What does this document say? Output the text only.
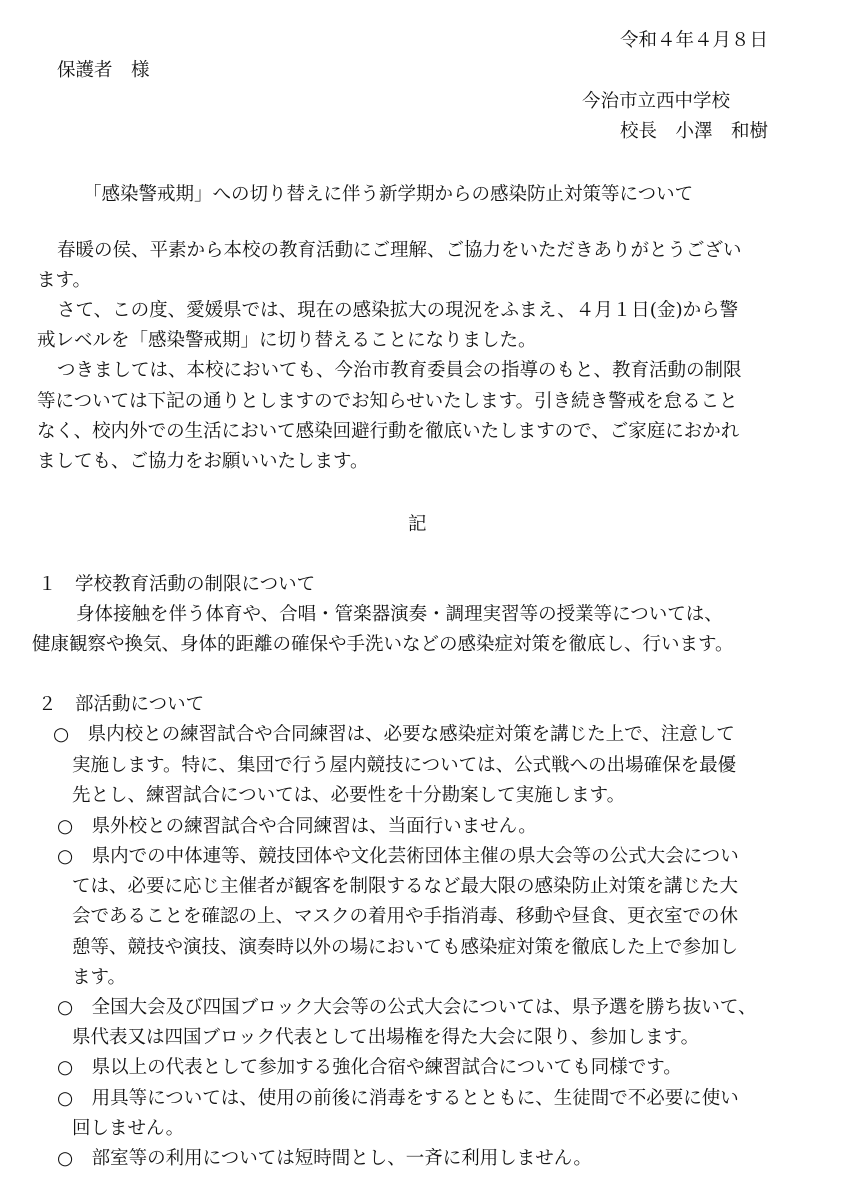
令和４年４月８日
保護者　様
今治市立西中学校
校長　小澤　和樹
「感染警戒期」への切り替えに伴う新学期からの感染防止対策等について
春暖の侯、平素から本校の教育活動にご理解、ご協力をいただきありがとうござい
ます。
さて、この度、愛媛県では、現在の感染拡大の現況をふまえ、４月１日(金)から警
戒レベルを「感染警戒期」に切り替えることになりました。
つきましては、本校においても、今治市教育委員会の指導のもと、教育活動の制限
等については下記の通りとしますのでお知らせいたします。引き続き警戒を怠ること
なく、校内外での生活において感染回避行動を徹底いたしますので、ご家庭におかれ
ましても、ご協力をお願いいたします。
記
１　学校教育活動の制限について
身体接触を伴う体育や、合唱・管楽器演奏・調理実習等の授業等については、
健康観察や換気、身体的距離の確保や手洗いなどの感染症対策を徹底し、行います。
２　部活動について
○　県内校との練習試合や合同練習は、必要な感染症対策を講じた上で、注意して
実施します。特に、集団で行う屋内競技については、公式戦への出場確保を最優
先とし、練習試合については、必要性を十分勘案して実施します。
○　県外校との練習試合や合同練習は、当面行いません。
○　県内での中体連等、競技団体や文化芸術団体主催の県大会等の公式大会につい
ては、必要に応じ主催者が観客を制限するなど最大限の感染防止対策を講じた大
会であることを確認の上、マスクの着用や手指消毒、移動や昼食、更衣室での休
憩等、競技や演技、演奏時以外の場においても感染症対策を徹底した上で参加し
ます。
○　全国大会及び四国ブロック大会等の公式大会については、県予選を勝ち抜いて、
県代表又は四国ブロック代表として出場権を得た大会に限り、参加します。
○　県以上の代表として参加する強化合宿や練習試合についても同様です。
○　用具等については、使用の前後に消毒をするとともに、生徒間で不必要に使い
回しません。
○　部室等の利用については短時間とし、一斉に利用しません。
